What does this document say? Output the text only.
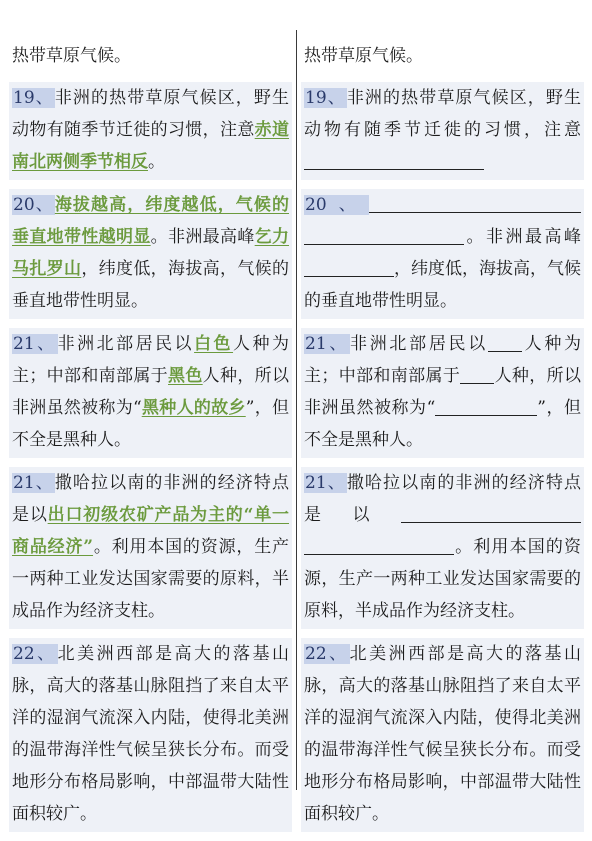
热带草原气候。

19、非洲的热带草原气候区，野生动物有随季节迁徙的习惯，注意赤道南北两侧季节相反。

20、海拔越高，纬度越低，气候的垂直地带性越明显。非洲最高峰乞力马扎罗山，纬度低，海拔高，气候的垂直地带性明显。

21、非洲北部居民以白色人种为主；中部和南部属于黑色人种，所以非洲虽然被称为“黑种人的故乡”，但不全是黑种人。

21、撒哈拉以南的非洲的经济特点是以出口初级农矿产品为主的“单一商品经济”。利用本国的资源，生产一两种工业发达国家需要的原料，半成品作为经济支柱。

22、北美洲西部是高大的落基山脉，高大的落基山脉阻挡了来自太平洋的湿润气流深入内陆，使得北美洲的温带海洋性气候呈狭长分布。而受地形分布格局影响，中部温带大陆性面积较广。

热带草原气候。

19、非洲的热带草原气候区，野生动物有随季节迁徙的习惯，注意

20、。非洲最高峰，纬度低，海拔高，气候的垂直地带性明显。

21、非洲北部居民以 人种为主；中部和南部属于 人种，所以非洲虽然被称为“	”，但不全是黑种人。

21、撒哈拉以南的非洲的经济特点是以。利用本国的资源，生产一两种工业发达国家需要的原料，半成品作为经济支柱。

22、北美洲西部是高大的落基山脉，高大的落基山脉阻挡了来自太平洋的湿润气流深入内陆，使得北美洲的温带海洋性气候呈狭长分布。而受地形分布格局影响，中部温带大陆性面积较广。
